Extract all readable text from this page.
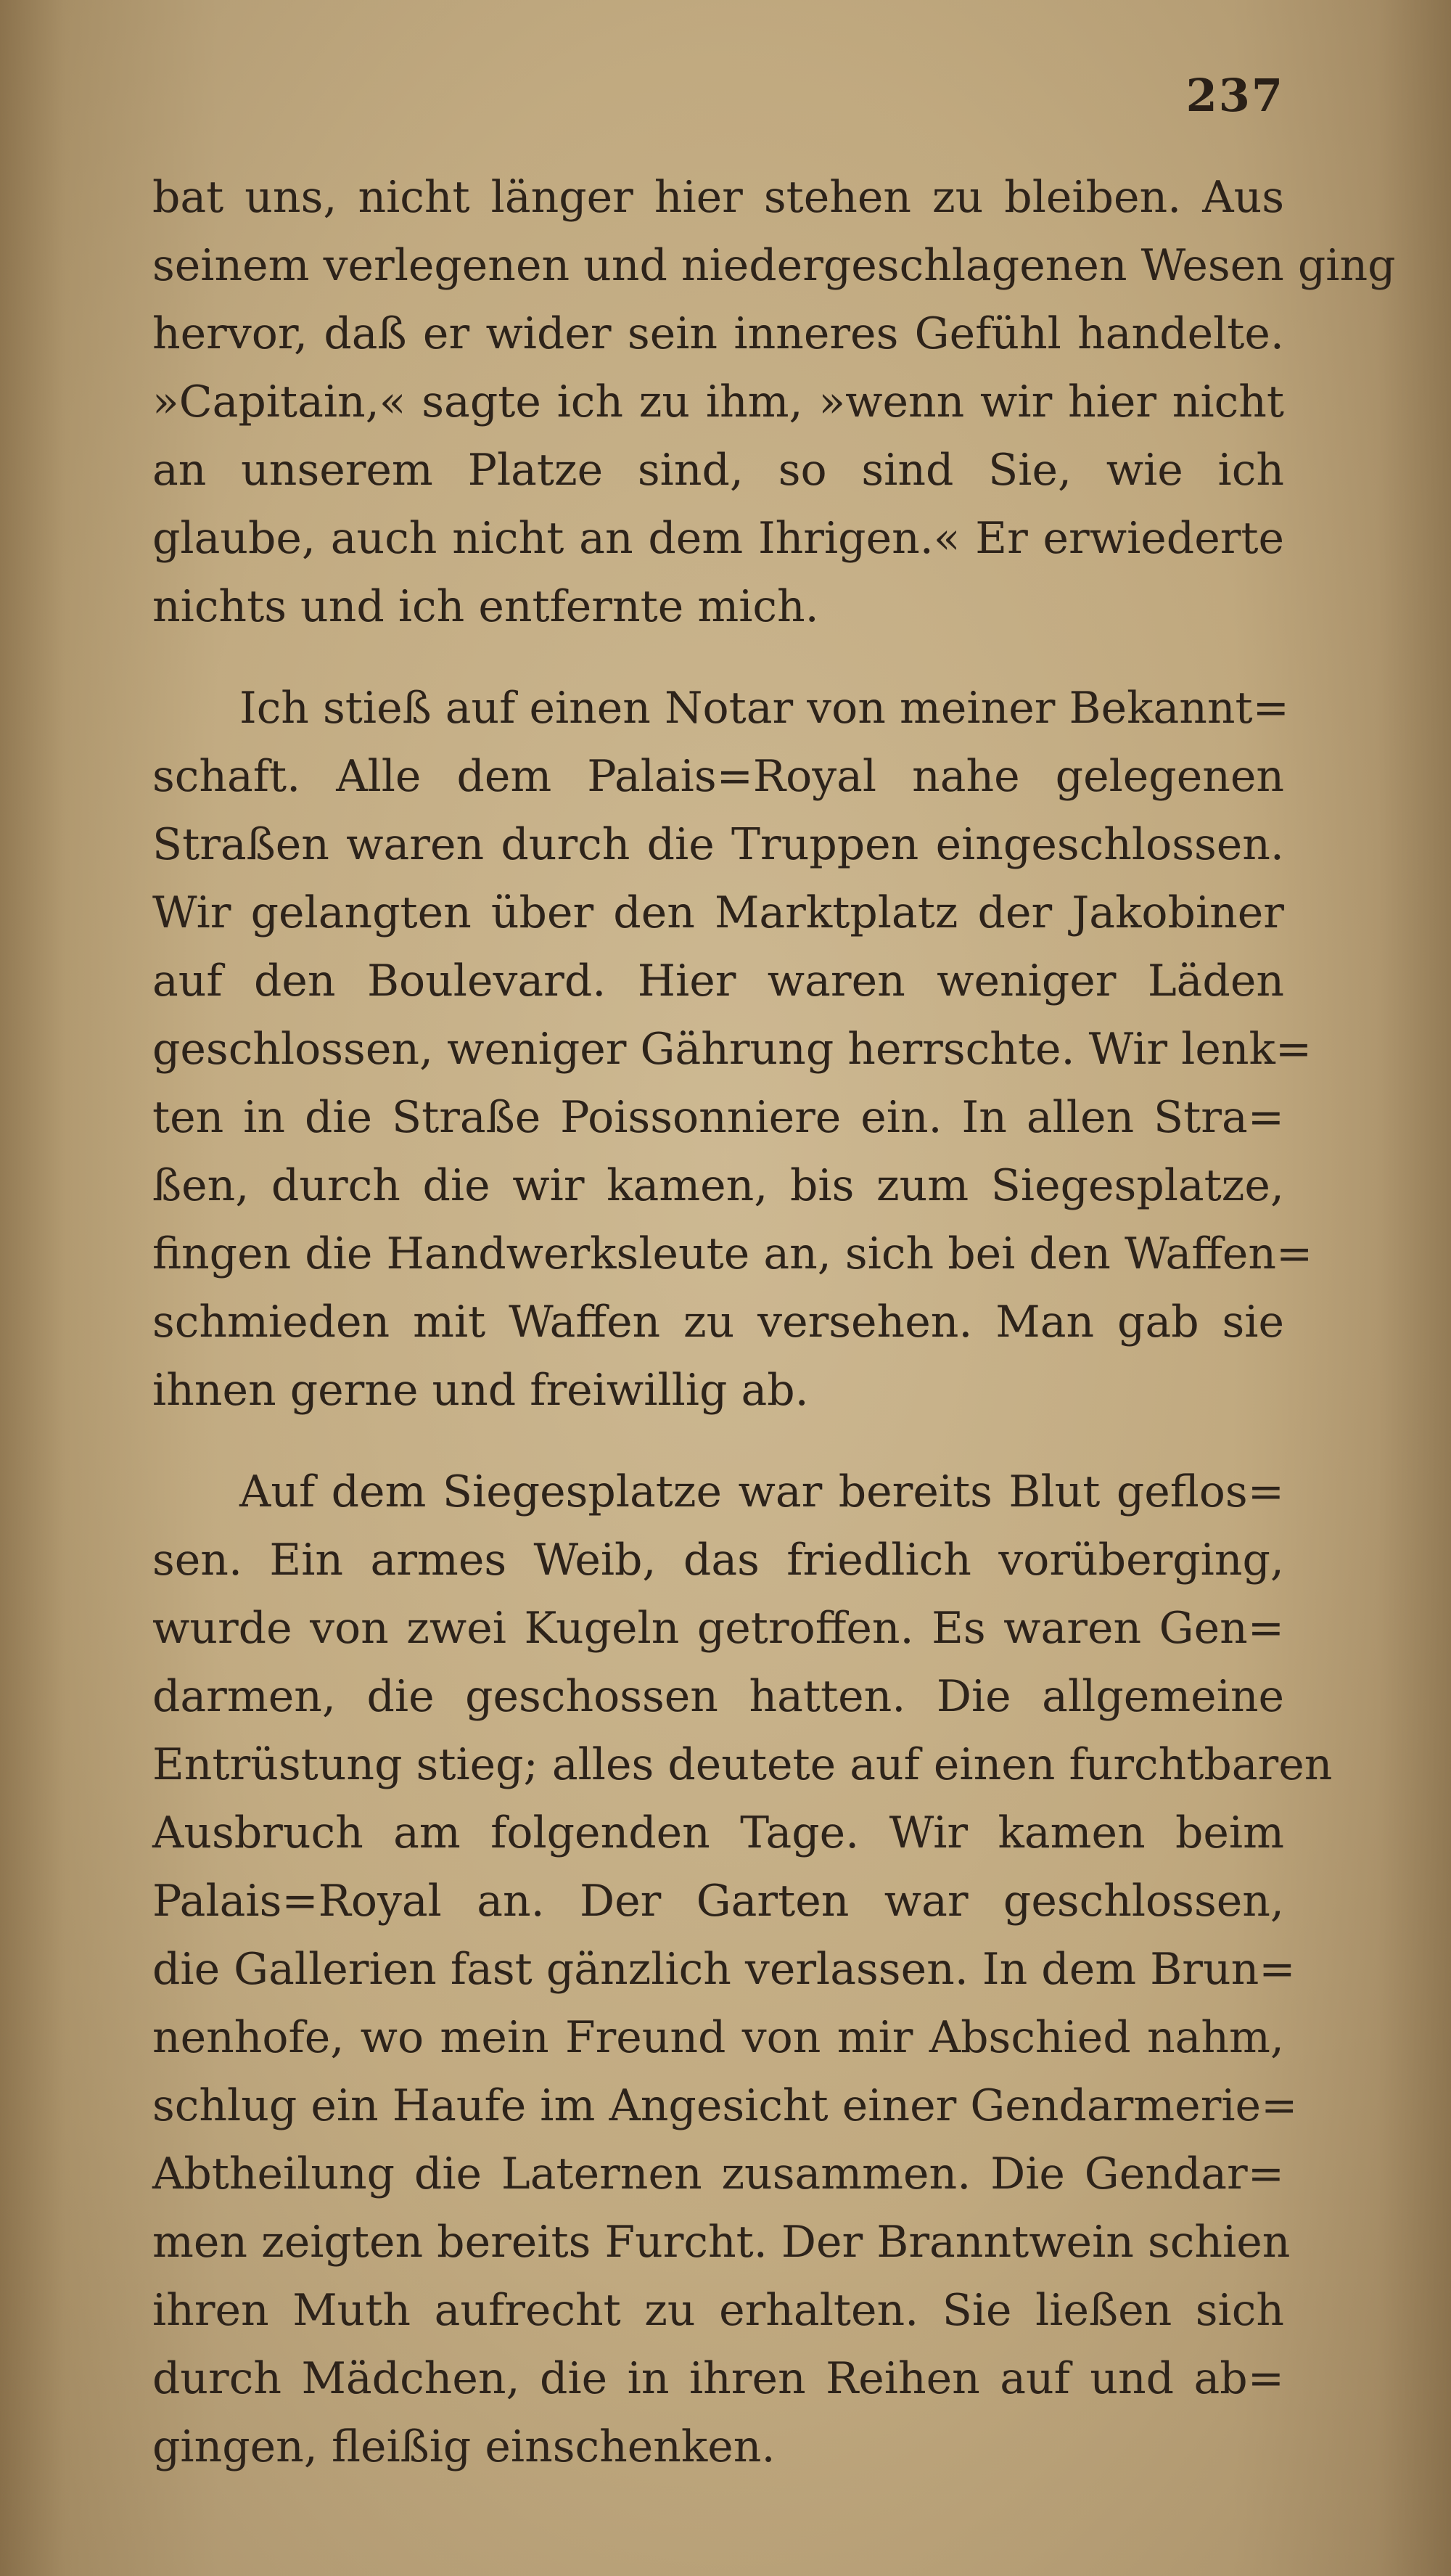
237
bat uns, nicht länger hier stehen zu bleiben. Aus
seinem verlegenen und niedergeschlagenen Wesen ging
hervor, daß er wider sein inneres Gefühl handelte.
»Capitain,« sagte ich zu ihm, »wenn wir hier nicht
an unserem Platze sind, so sind Sie, wie ich
glaube, auch nicht an dem Ihrigen.« Er erwiederte
nichts und ich entfernte mich.
Ich stieß auf einen Notar von meiner Bekannt=
schaft. Alle dem Palais=Royal nahe gelegenen
Straßen waren durch die Truppen eingeschlossen.
Wir gelangten über den Marktplatz der Jakobiner
auf den Boulevard. Hier waren weniger Läden
geschlossen, weniger Gährung herrschte. Wir lenk=
ten in die Straße Poissonniere ein. In allen Stra=
ßen, durch die wir kamen, bis zum Siegesplatze,
fingen die Handwerksleute an, sich bei den Waffen=
schmieden mit Waffen zu versehen. Man gab sie
ihnen gerne und freiwillig ab.
Auf dem Siegesplatze war bereits Blut geflos=
sen. Ein armes Weib, das friedlich vorüberging,
wurde von zwei Kugeln getroffen. Es waren Gen=
darmen, die geschossen hatten. Die allgemeine
Entrüstung stieg; alles deutete auf einen furchtbaren
Ausbruch am folgenden Tage. Wir kamen beim
Palais=Royal an. Der Garten war geschlossen,
die Gallerien fast gänzlich verlassen. In dem Brun=
nenhofe, wo mein Freund von mir Abschied nahm,
schlug ein Haufe im Angesicht einer Gendarmerie=
Abtheilung die Laternen zusammen. Die Gendar=
men zeigten bereits Furcht. Der Branntwein schien
ihren Muth aufrecht zu erhalten. Sie ließen sich
durch Mädchen, die in ihren Reihen auf und ab=
gingen, fleißig einschenken.
